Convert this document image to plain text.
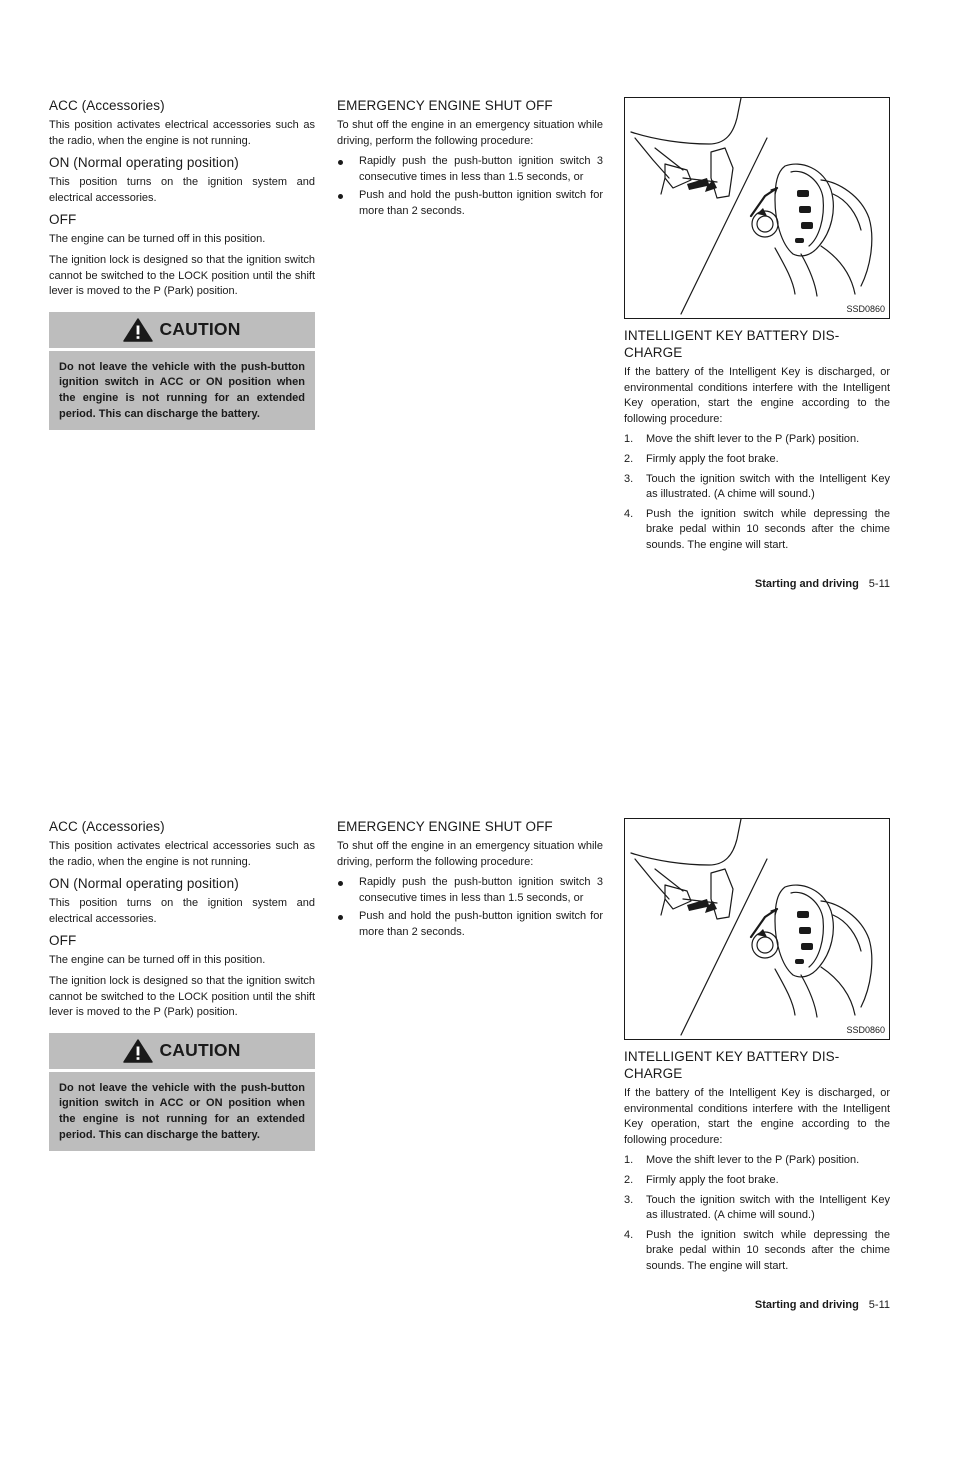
ACC (Accessories)

This position activates electrical accessories such as the radio, when the engine is not running.

ON (Normal operating position)

This position turns on the ignition system and electrical accessories.

OFF

The engine can be turned off in this position.

The ignition lock is designed so that the ignition switch cannot be switched to the LOCK position until the shift lever is moved to the P (Park) position.

CAUTION
Do not leave the vehicle with the push-button ignition switch in ACC or ON position when the engine is not running for an extended period. This can discharge the battery.
EMERGENCY ENGINE SHUT OFF

To shut off the engine in an emergency situation while driving, perform the following procedure:

Rapidly push the push-button ignition switch 3 consecutive times in less than 1.5 seconds, or
Push and hold the push-button ignition switch for more than 2 seconds.
SSD0860
INTELLIGENT KEY BATTERY DIS-CHARGE

If the battery of the Intelligent Key is discharged, or environmental conditions interfere with the Intelligent Key operation, start the engine according to the following procedure:

1. Move the shift lever to the P (Park) position.
2. Firmly apply the foot brake.
3. Touch the ignition switch with the Intelligent Key as illustrated. (A chime will sound.)
4. Push the ignition switch while depressing the brake pedal within 10 seconds after the chime sounds. The engine will start.
Starting and driving 5-11
ACC (Accessories)

This position activates electrical accessories such as the radio, when the engine is not running.

ON (Normal operating position)

This position turns on the ignition system and electrical accessories.

OFF

The engine can be turned off in this position.

The ignition lock is designed so that the ignition switch cannot be switched to the LOCK position until the shift lever is moved to the P (Park) position.

CAUTION
Do not leave the vehicle with the push-button ignition switch in ACC or ON position when the engine is not running for an extended period. This can discharge the battery.
EMERGENCY ENGINE SHUT OFF

To shut off the engine in an emergency situation while driving, perform the following procedure:

Rapidly push the push-button ignition switch 3 consecutive times in less than 1.5 seconds, or
Push and hold the push-button ignition switch for more than 2 seconds.
SSD0860
INTELLIGENT KEY BATTERY DIS-CHARGE

If the battery of the Intelligent Key is discharged, or environmental conditions interfere with the Intelligent Key operation, start the engine according to the following procedure:

1. Move the shift lever to the P (Park) position.
2. Firmly apply the foot brake.
3. Touch the ignition switch with the Intelligent Key as illustrated. (A chime will sound.)
4. Push the ignition switch while depressing the brake pedal within 10 seconds after the chime sounds. The engine will start.
Starting and driving 5-11
